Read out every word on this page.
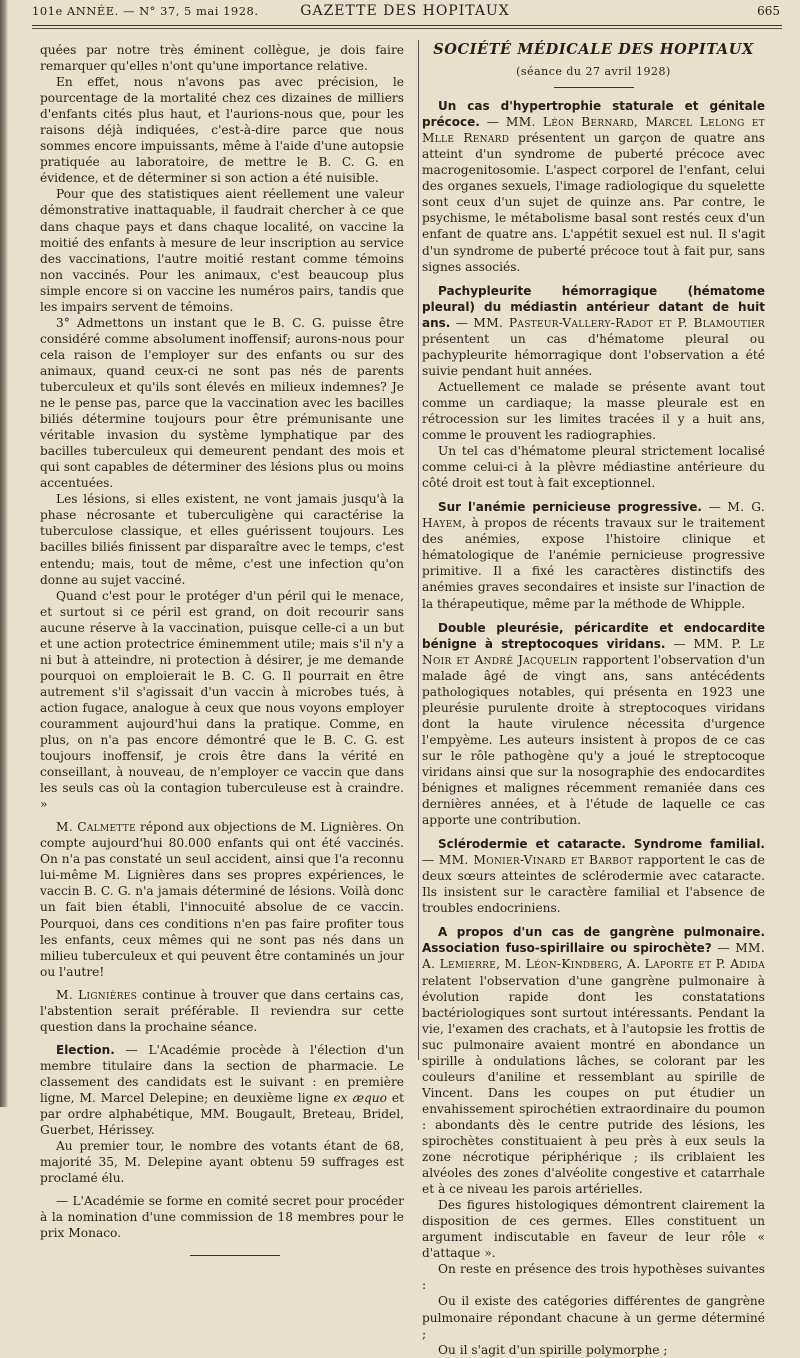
101e ANNÉE. — N° 37, 5 mai 1928.	GAZETTE DES HOPITAUX	665

quées par notre très éminent collègue, je dois faire remarquer qu'elles n'ont qu'une importance relative.

En effet, nous n'avons pas avec précision, le pourcentage de la mortalité chez ces dizaines de milliers d'enfants cités plus haut, et l'aurions-nous que, pour les raisons déjà indiquées, c'est-à-dire parce que nous sommes encore impuissants, même à l'aide d'une autopsie pratiquée au laboratoire, de mettre le B. C. G. en évidence, et de déterminer si son action a été nuisible.

Pour que des statistiques aient réellement une valeur démonstrative inattaquable, il faudrait chercher à ce que dans chaque pays et dans chaque localité, on vaccine la moitié des enfants à mesure de leur inscription au service des vaccinations, l'autre moitié restant comme témoins non vaccinés. Pour les animaux, c'est beaucoup plus simple encore si on vaccine les numéros pairs, tandis que les impairs servent de témoins.

3° Admettons un instant que le B. C. G. puisse être considéré comme absolument inoffensif; aurons-nous pour cela raison de l'employer sur des enfants ou sur des animaux, quand ceux-ci ne sont pas nés de parents tuberculeux et qu'ils sont élevés en milieux indemnes? Je ne le pense pas, parce que la vaccination avec les bacilles biliés détermine toujours pour être prémunisante une véritable invasion du système lymphatique par des bacilles tuberculeux qui demeurent pendant des mois et qui sont capables de déterminer des lésions plus ou moins accentuées.

Les lésions, si elles existent, ne vont jamais jusqu'à la phase nécrosante et tuberculigène qui caractérise la tuberculose classique, et elles guérissent toujours. Les bacilles biliés finissent par disparaître avec le temps, c'est entendu; mais, tout de même, c'est une infection qu'on donne au sujet vacciné.

Quand c'est pour le protéger d'un péril qui le menace, et surtout si ce péril est grand, on doit recourir sans aucune réserve à la vaccination, puisque celle-ci a un but et une action protectrice éminemment utile; mais s'il n'y a ni but à atteindre, ni protection à désirer, je me demande pourquoi on emploierait le B. C. G. Il pourrait en être autrement s'il s'agissait d'un vaccin à microbes tués, à action fugace, analogue à ceux que nous voyons employer couramment aujourd'hui dans la pratique. Comme, en plus, on n'a pas encore démontré que le B. C. G. est toujours inoffensif, je crois être dans la vérité en conseillant, à nouveau, de n'employer ce vaccin que dans les seuls cas où la contagion tuberculeuse est à craindre. »

M. Calmette répond aux objections de M. Lignières. On compte aujourd'hui 80.000 enfants qui ont été vaccinés. On n'a pas constaté un seul accident, ainsi que l'a reconnu lui-même M. Lignières dans ses propres expériences, le vaccin B. C. G. n'a jamais déterminé de lésions. Voilà donc un fait bien établi, l'innocuité absolue de ce vaccin. Pourquoi, dans ces conditions n'en pas faire profiter tous les enfants, ceux mêmes qui ne sont pas nés dans un milieu tuberculeux et qui peuvent être contaminés un jour ou l'autre!

M. Lignières continue à trouver que dans certains cas, l'abstention serait préférable. Il reviendra sur cette question dans la prochaine séance.

Election. — L'Académie procède à l'élection d'un membre titulaire dans la section de pharmacie. Le classement des candidats est le suivant : en première ligne, M. Marcel Delepine; en deuxième ligne ex æquo et par ordre alphabétique, MM. Bougault, Breteau, Bridel, Guerbet, Hérissey.

Au premier tour, le nombre des votants étant de 68, majorité 35, M. Delepine ayant obtenu 59 suffrages est proclamé élu.

— L'Académie se forme en comité secret pour procéder à la nomination d'une commission de 18 membres pour le prix Monaco.

SOCIÉTÉ MÉDICALE DES HOPITAUX
(séance du 27 avril 1928)

Un cas d'hypertrophie staturale et génitale précoce. — MM. Léon Bernard, Marcel Lelong et Mlle Renard présentent un garçon de quatre ans atteint d'un syndrome de puberté précoce avec macrogenitosomie. L'aspect corporel de l'enfant, celui des organes sexuels, l'image radiologique du squelette sont ceux d'un sujet de quinze ans. Par contre, le psychisme, le métabolisme basal sont restés ceux d'un enfant de quatre ans. L'appétit sexuel est nul. Il s'agit d'un syndrome de puberté précoce tout à fait pur, sans signes associés.

Pachypleurite hémorragique (hématome pleural) du médiastin antérieur datant de huit ans. — MM. Pasteur-Vallery-Radot et P. Blamoutier présentent un cas d'hématome pleural ou pachypleurite hémorragique dont l'observation a été suivie pendant huit années.

Actuellement ce malade se présente avant tout comme un cardiaque; la masse pleurale est en rétrocession sur les limites tracées il y a huit ans, comme le prouvent les radiographies.

Un tel cas d'hématome pleural strictement localisé comme celui-ci à la plèvre médiastine antérieure du côté droit est tout à fait exceptionnel.

Sur l'anémie pernicieuse progressive. — M. G. Hayem, à propos de récents travaux sur le traitement des anémies, expose l'histoire clinique et hématologique de l'anémie pernicieuse progressive primitive. Il a fixé les caractères distinctifs des anémies graves secondaires et insiste sur l'inaction de la thérapeutique, même par la méthode de Whipple.

Double pleurésie, péricardite et endocardite bénigne à streptocoques viridans. — MM. P. Le Noir et André Jacquelin rapportent l'observation d'un malade âgé de vingt ans, sans antécédents pathologiques notables, qui présenta en 1923 une pleurésie purulente droite à streptocoques viridans dont la haute virulence nécessita d'urgence l'empyème. Les auteurs insistent à propos de ce cas sur le rôle pathogène qu'y a joué le streptocoque viridans ainsi que sur la nosographie des endocardites bénignes et malignes récemment remaniée dans ces dernières années, et à l'étude de laquelle ce cas apporte une contribution.

Sclérodermie et cataracte. Syndrome familial. — MM. Monier-Vinard et Barbot rapportent le cas de deux sœurs atteintes de sclérodermie avec cataracte. Ils insistent sur le caractère familial et l'absence de troubles endocriniens.

A propos d'un cas de gangrène pulmonaire. Association fuso-spirillaire ou spirochète? — MM. A. Lemierre, M. Léon-Kindberg, A. Laporte et P. Adida relatent l'observation d'une gangrène pulmonaire à évolution rapide dont les constatations bactériologiques sont surtout intéressants. Pendant la vie, l'examen des crachats, et à l'autopsie les frottis de suc pulmonaire avaient montré en abondance un spirille à ondulations lâches, se colorant par les couleurs d'aniline et ressemblant au spirille de Vincent. Dans les coupes on put étudier un envahissement spirochétien extraordinaire du poumon : abondants dès le centre putride des lésions, les spirochètes constituaient à peu près à eux seuls la zone nécrotique périphérique ; ils criblaient les alvéoles des zones d'alvéolite congestive et catarrhale et à ce niveau les parois artérielles.

Des figures histologiques démontrent clairement la disposition de ces germes. Elles constituent un argument indiscutable en faveur de leur rôle « d'attaque ».

On reste en présence des trois hypothèses suivantes :

Ou il existe des catégories différentes de gangrène pulmonaire répondant chacune à un germe déterminé ;

Ou il s'agit d'un spirille polymorphe ;
